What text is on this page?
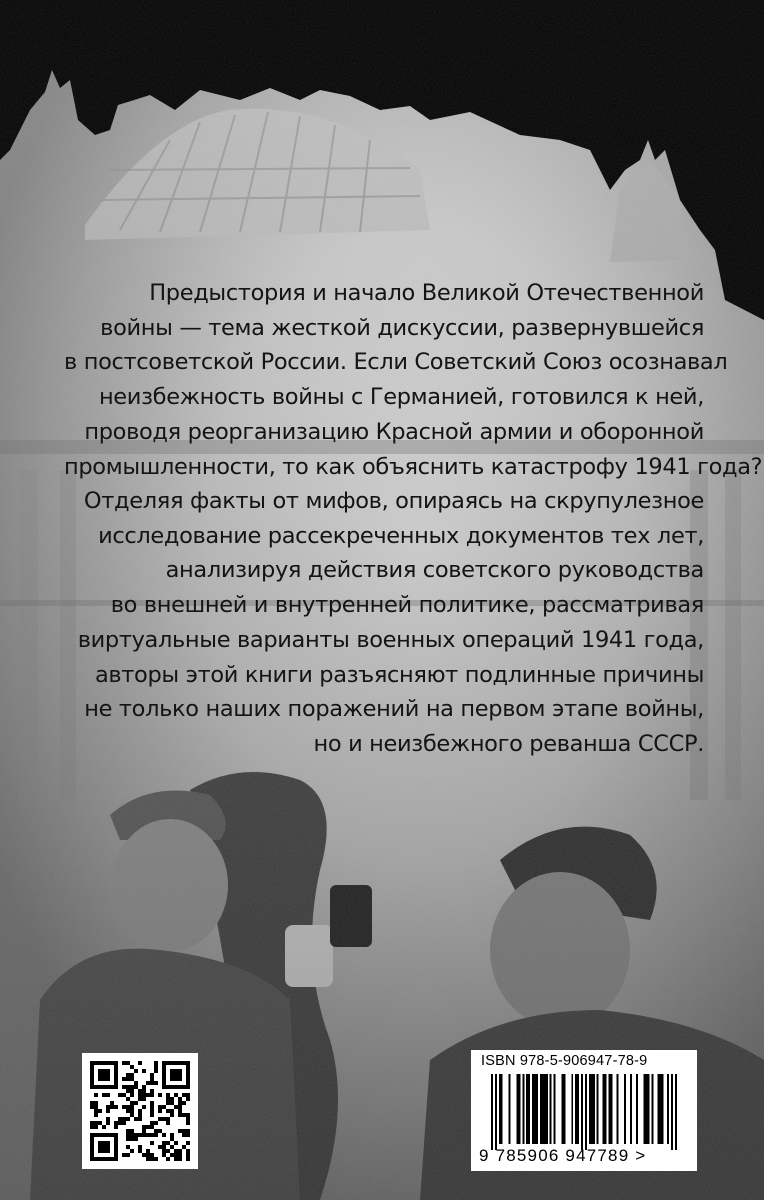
Предыстория и начало Великой Отечественной
войны — тема жесткой дискуссии, развернувшейся
в постсоветской России. Если Советский Союз осознавал
неизбежность войны с Германией, готовился к ней,
проводя реорганизацию Красной армии и оборонной
промышленности, то как объяснить катастрофу 1941 года?
Отделяя факты от мифов, опираясь на скрупулезное
исследование рассекреченных документов тех лет,
анализируя действия советского руководства
во внешней и внутренней политике, рассматривая
виртуальные варианты военных операций 1941 года,
авторы этой книги разъясняют подлинные причины
не только наших поражений на первом этапе войны,
но и неизбежного реванша СССР.
ISBN 978-5-906947-78-9
9 785906 947789 >
